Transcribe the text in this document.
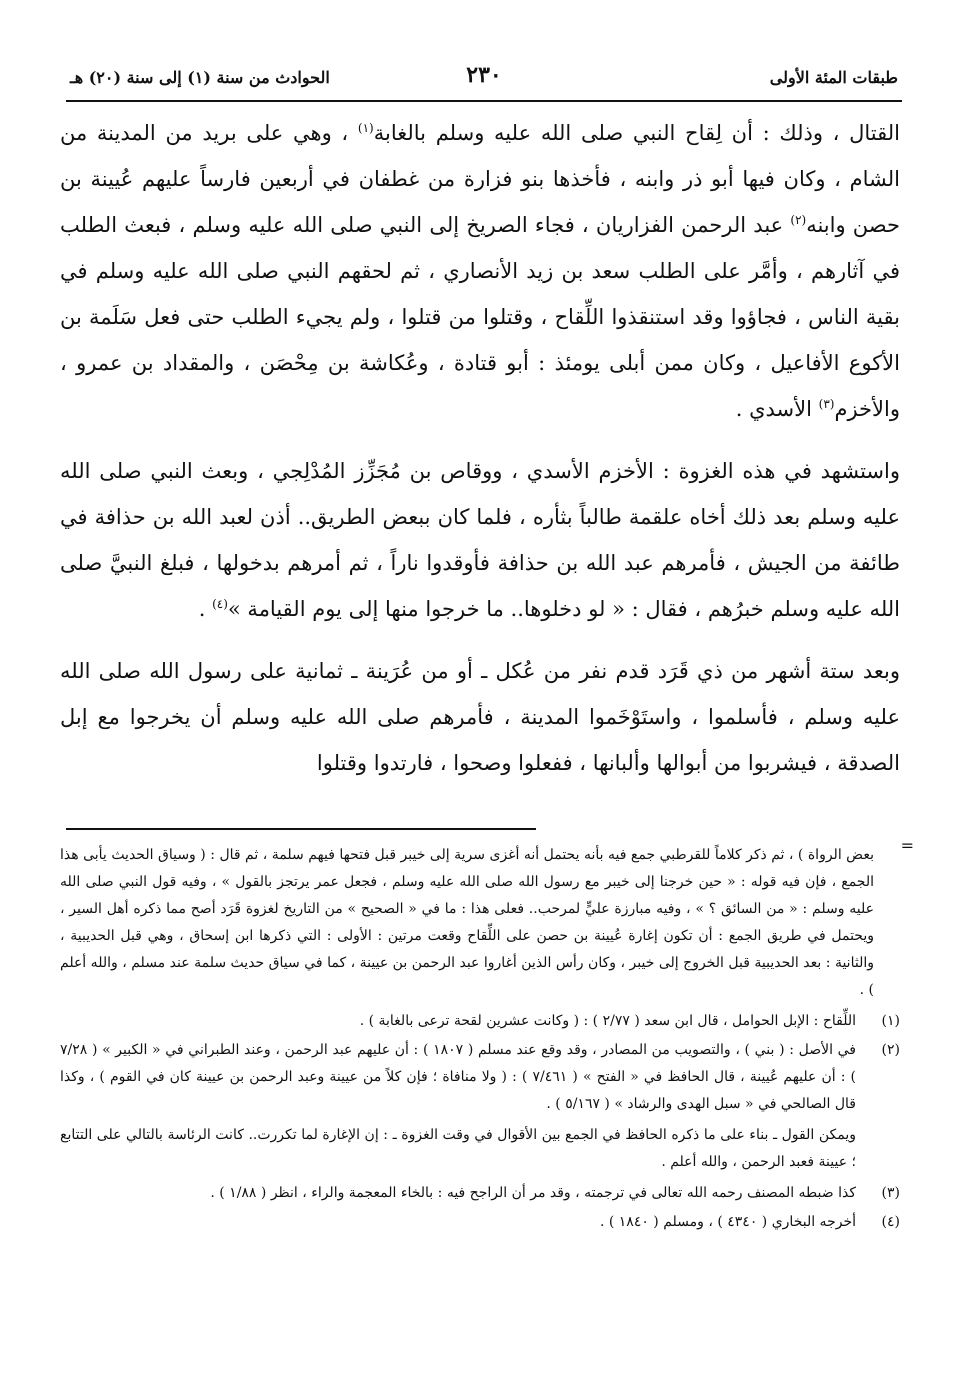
طبقات المئة الأولى
٢٣٠
الحوادث من سنة (١) إلى سنة (٢٠) هـ

القتال ، وذلك : أن لِقاح النبي صلى الله عليه وسلم بالغابة$^{(١)}$ ، وهي على بريد من المدينة من الشام ، وكان فيها أبو ذر وابنه ، فأخذها بنو فزارة من غطفان في أربعين فارساً عليهم عُيينة بن حصن وابنه$^{(٢)}$ عبد الرحمن الفزاريان ، فجاء الصريخ إلى النبي صلى الله عليه وسلم ، فبعث الطلب في آثارهم ، وأمَّر على الطلب سعد بن زيد الأنصاري ، ثم لحقهم النبي صلى الله عليه وسلم في بقية الناس ، فجاؤوا وقد استنقذوا اللِّقاح ، وقتلوا من قتلوا ، ولم يجيء الطلب حتى فعل سَلَمة بن الأكوع الأفاعيل ، وكان ممن أبلى يومئذ : أبو قتادة ، وعُكاشة بن مِحْصَن ، والمقداد بن عمرو ، والأخزم$^{(٣)}$ الأسدي .

واستشهد في هذه الغزوة : الأخزم الأسدي ، ووقاص بن مُجَزِّز المُدْلِجي ، وبعث النبي صلى الله عليه وسلم بعد ذلك أخاه علقمة طالباً بثأره ، فلما كان ببعض الطريق.. أذن لعبد الله بن حذافة في طائفة من الجيش ، فأمرهم عبد الله بن حذافة فأوقدوا ناراً ، ثم أمرهم بدخولها ، فبلغ النبيَّ صلى الله عليه وسلم خبرُهم ، فقال : « لو دخلوها.. ما خرجوا منها إلى يوم القيامة »$^{(٤)}$ .

وبعد ستة أشهر من ذي قَرَد قدم نفر من عُكل ـ أو من عُرَينة ـ ثمانية على رسول الله صلى الله عليه وسلم ، فأسلموا ، واستَوْخَموا المدينة ، فأمرهم صلى الله عليه وسلم أن يخرجوا مع إبل الصدقة ، فيشربوا من أبوالها وألبانها ، ففعلوا وصحوا ، فارتدوا وقتلوا

=

بعض الرواة ) ، ثم ذكر كلاماً للقرطبي جمع فيه بأنه يحتمل أنه أغزى سرية إلى خيبر قبل فتحها فيهم سلمة ، ثم قال : ( وسياق الحديث يأبى هذا الجمع ، فإن فيه قوله : « حين خرجنا إلى خيبر مع رسول الله صلى الله عليه وسلم ، فجعل عمر يرتجز بالقول » ، وفيه قول النبي صلى الله عليه وسلم : « من السائق ؟ » ، وفيه مبارزة عليٍّ لمرحب.. فعلى هذا : ما في « الصحيح » من التاريخ لغزوة قَرَد أصح مما ذكره أهل السير ، ويحتمل في طريق الجمع : أن تكون إغارة عُيينة بن حصن على اللِّقاح وقعت مرتين : الأولى : التي ذكرها ابن إسحاق ، وهي قبل الحديبية ، والثانية : بعد الحديبية قبل الخروج إلى خيبر ، وكان رأس الذين أغاروا عبد الرحمن بن عيينة ، كما في سياق حديث سلمة عند مسلم ، والله أعلم ) .

(١)
اللِّقاح : الإبل الحوامل ، قال ابن سعد ( ٢/٧٧ ) : ( وكانت عشرين لقحة ترعى بالغابة ) .
(٢)
في الأصل : ( بني ) ، والتصويب من المصادر ، وقد وقع عند مسلم ( ١٨٠٧ ) : أن عليهم عبد الرحمن ، وعند الطبراني في « الكبير » ( ٧/٢٨ ) : أن عليهم عُيينة ، قال الحافظ في « الفتح » ( ٧/٤٦١ ) : ( ولا منافاة ؛ فإن كلاً من عيينة وعبد الرحمن بن عيينة كان في القوم ) ، وكذا قال الصالحي في « سبل الهدى والرشاد » ( ٥/١٦٧ ) .

ويمكن القول ـ بناء على ما ذكره الحافظ في الجمع بين الأقوال في وقت الغزوة ـ : إن الإغارة لما تكررت.. كانت الرئاسة بالتالي على التتابع ؛ عيينة فعبد الرحمن ، والله أعلم .

(٣)
كذا ضبطه المصنف رحمه الله تعالى في ترجمته ، وقد مر أن الراجح فيه : بالخاء المعجمة والراء ، انظر ( ١/٨٨ ) .
(٤)
أخرجه البخاري ( ٤٣٤٠ ) ، ومسلم ( ١٨٤٠ ) .
